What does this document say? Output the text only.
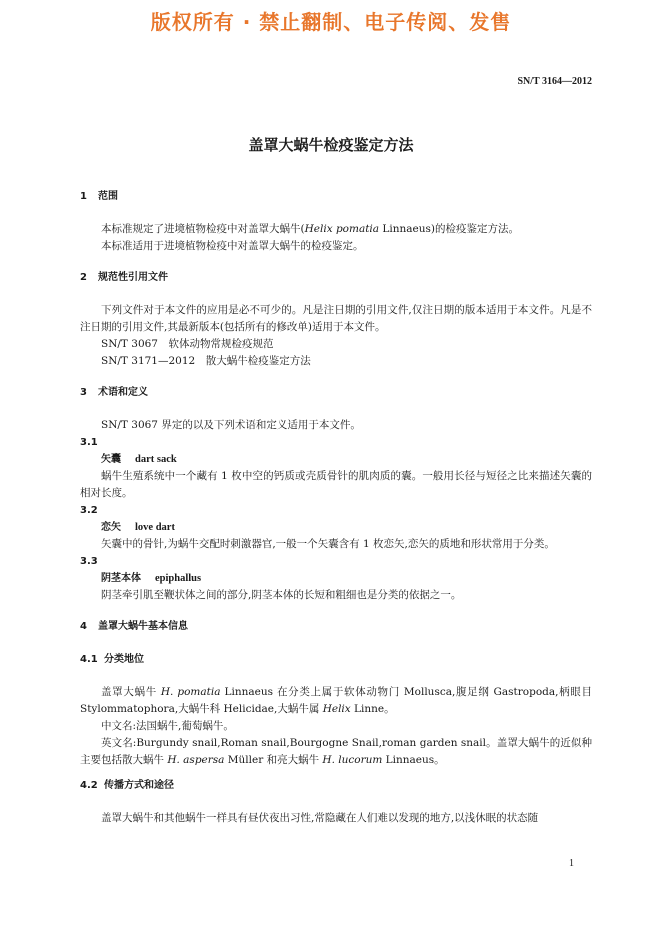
版权所有 · 禁止翻制、电子传阅、发售
SN/T 3164—2012
盖罩大蜗牛检疫鉴定方法
1 范围

本标准规定了进境植物检疫中对盖罩大蜗牛(Helix pomatia Linnaeus)的检疫鉴定方法。

本标准适用于进境植物检疫中对盖罩大蜗牛的检疫鉴定。

2 规范性引用文件

下列文件对于本文件的应用是必不可少的。凡是注日期的引用文件,仅注日期的版本适用于本文件。凡是不注日期的引用文件,其最新版本(包括所有的修改单)适用于本文件。

SN/T 3067　软体动物常规检疫规范

SN/T 3171—2012　散大蜗牛检疫鉴定方法

3 术语和定义

SN/T 3067 界定的以及下列术语和定义适用于本文件。

3.1

矢囊 dart sack

蜗牛生殖系统中一个藏有 1 枚中空的钙质或壳质骨针的肌肉质的囊。一般用长径与短径之比来描述矢囊的相对长度。

3.2

恋矢 love dart

矢囊中的骨针,为蜗牛交配时刺激器官,一般一个矢囊含有 1 枚恋矢,恋矢的质地和形状常用于分类。

3.3

阴茎本体 epiphallus

阴茎牵引肌至鞭状体之间的部分,阴茎本体的长短和粗细也是分类的依据之一。

4 盖罩大蜗牛基本信息
4.1 分类地位

盖罩大蜗牛 H. pomatia Linnaeus 在分类上属于软体动物门 Mollusca,腹足纲 Gastropoda,柄眼目 Stylommatophora,大蜗牛科 Helicidae,大蜗牛属 Helix Linne。

中文名:法国蜗牛,葡萄蜗牛。

英文名:Burgundy snail,Roman snail,Bourgogne Snail,roman garden snail。盖罩大蜗牛的近似种主要包括散大蜗牛 H. aspersa Müller 和亮大蜗牛 H. lucorum Linnaeus。

4.2 传播方式和途径

盖罩大蜗牛和其他蜗牛一样具有昼伏夜出习性,常隐藏在人们难以发现的地方,以浅休眠的状态随

1
